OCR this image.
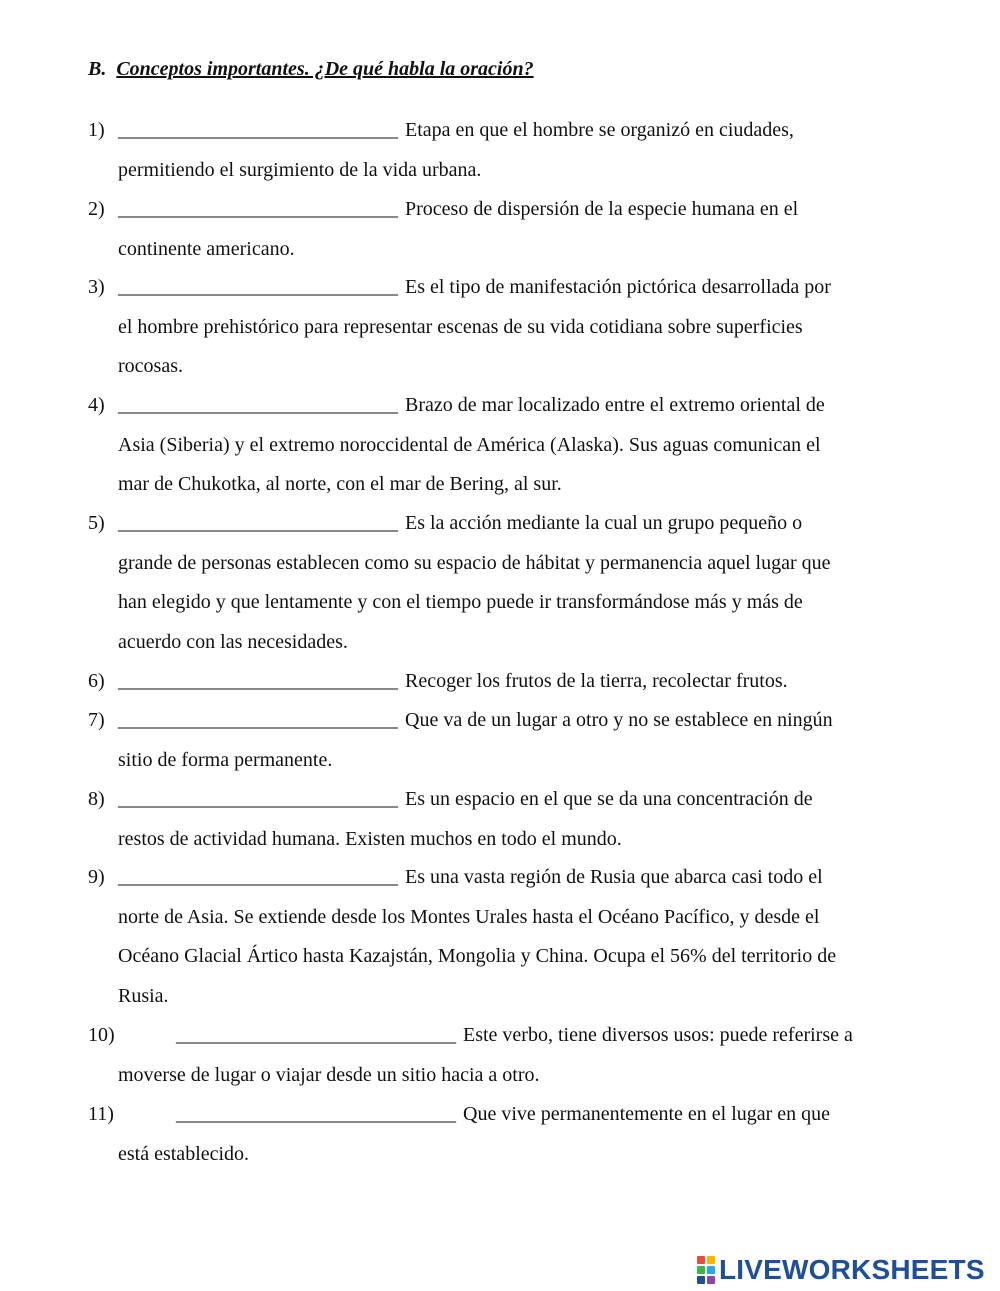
B. Conceptos importantes. ¿De qué habla la oración?
1) ____________________________ Etapa en que el hombre se organizó en ciudades,
permitiendo el surgimiento de la vida urbana.
2) ____________________________ Proceso de dispersión de la especie humana en el
continente americano.
3) ____________________________ Es el tipo de manifestación pictórica desarrollada por
el hombre prehistórico para representar escenas de su vida cotidiana sobre superficies
rocosas.
4) ____________________________ Brazo de mar localizado entre el extremo oriental de
Asia (Siberia) y el extremo noroccidental de América (Alaska). Sus aguas comunican el
mar de Chukotka, al norte, con el mar de Bering, al sur.
5) ____________________________ Es la acción mediante la cual un grupo pequeño o
grande de personas establecen como su espacio de hábitat y permanencia aquel lugar que
han elegido y que lentamente y con el tiempo puede ir transformándose más y más de
acuerdo con las necesidades.
6) ____________________________ Recoger los frutos de la tierra, recolectar frutos.
7) ____________________________ Que va de un lugar a otro y no se establece en ningún
sitio de forma permanente.
8) ____________________________ Es un espacio en el que se da una concentración de
restos de actividad humana. Existen muchos en todo el mundo.
9) ____________________________ Es una vasta región de Rusia que abarca casi todo el
norte de Asia. Se extiende desde los Montes Urales hasta el Océano Pacífico, y desde el
Océano Glacial Ártico hasta Kazajstán, Mongolia y China. Ocupa el 56% del territorio de
Rusia.
10)	____________________________ Este verbo, tiene diversos usos: puede referirse a
moverse de lugar o viajar desde un sitio hacia a otro.
11)	____________________________ Que vive permanentemente en el lugar en que
está establecido.
LIVEWORKSHEETS
